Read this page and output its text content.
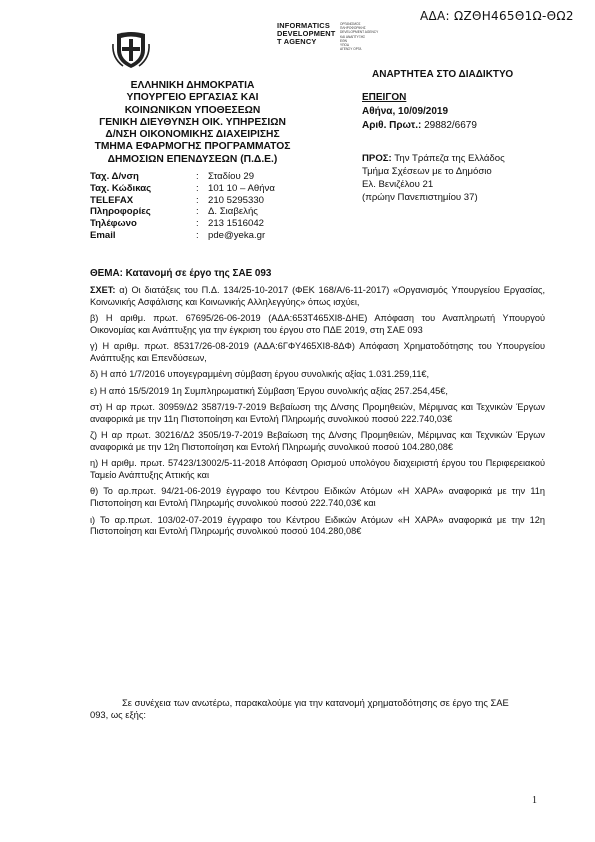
ΑΔΑ: ΩΖΘΗ465Θ1Ω-ΘΩ2
INFORMATICS
DEVELOPMENT
T AGENCY
ΟΡΓΑΝΙΣΜΟΣ
ΠΛΗΡΟΦΟΡΙΚΗΣ
DEVELOPMENT AGENCY
ΚΑΙ ΑΝΑΠΤΥΞΗΣ
ΕΘΝ
ΥΠΟΔ
ΑΓΕΝΣΥ ΟΡΓΑ
ΕΛΛΗΝΙΚΗ ΔΗΜΟΚΡΑΤΙΑ
ΥΠΟΥΡΓΕΙΟ ΕΡΓΑΣΙΑΣ ΚΑΙ
ΚΟΙΝΩΝΙΚΩΝ ΥΠΟΘΕΣΕΩΝ
ΓΕΝΙΚΗ ΔΙΕΥΘΥΝΣΗ ΟΙΚ. ΥΠΗΡΕΣΙΩΝ
Δ/ΝΣΗ ΟΙΚΟΝΟΜΙΚΗΣ ΔΙΑΧΕΙΡΙΣΗΣ
ΤΜΗΜΑ ΕΦΑΡΜΟΓΗΣ ΠΡΟΓΡΑΜΜΑΤΟΣ
ΔΗΜΟΣΙΩΝ ΕΠΕΝΔΥΣΕΩΝ (Π.Δ.Ε.)
ΑΝΑΡΤΗΤΕΑ ΣΤΟ ΔΙΑΔΙΚΤΥΟ
ΕΠΕΙΓΟΝ
Αθήνα, 10/09/2019
Αριθ. Πρωτ.: 29882/6679
ΠΡΟΣ: Την Τράπεζα της Ελλάδος
Τμήμα Σχέσεων με το Δημόσιο
Ελ. Βενιζέλου 21
(πρώην Πανεπιστημίου 37)
Ταχ. Δ/νση	: Σταδίου 29
Ταχ. Κώδικας	: 101 10 – Αθήνα
TELEFAX	: 210 5295330
Πληροφορίες	: Δ. Σιαβελής
Τηλέφωνο	: 213 1516042
Email	: pde@yeka.gr
ΘΕΜΑ: Κατανομή σε έργο της ΣΑΕ 093

ΣΧΕΤ: α) Οι διατάξεις του Π.Δ. 134/25-10-2017 (ΦΕΚ 168/Α/6-11-2017) «Οργανισμός Υπουργείου Εργασίας, Κοινωνικής Ασφάλισης και Κοινωνικής Αλληλεγγύης» όπως ισχύει,

β) Η αριθμ. πρωτ. 67695/26-06-2019 (ΑΔΑ:653Τ465ΧΙ8-ΔΗΕ) Απόφαση του Αναπληρωτή Υπουργού Οικονομίας και Ανάπτυξης για την έγκριση του έργου στο ΠΔΕ 2019, στη ΣΑΕ 093

γ) Η αριθμ. πρωτ. 85317/26-08-2019 (ΑΔΑ:6ΓΦΥ465ΧΙ8-8ΔΦ) Απόφαση Χρηματοδότησης του Υπουργείου Ανάπτυξης και Επενδύσεων,

δ) Η από 1/7/2016 υπογεγραμμένη σύμβαση έργου συνολικής αξίας 1.031.259,11€,

ε) Η από 15/5/2019 1η Συμπληρωματική Σύμβαση Έργου συνολικής αξίας 257.254,45€,

στ) Η αρ πρωτ. 30959/Δ2 3587/19-7-2019 Βεβαίωση της Δ/νσης Προμηθειών, Μέριμνας και Τεχνικών Έργων αναφορικά με την 11η Πιστοποίηση και Εντολή Πληρωμής συνολικού ποσού 222.740,03€

ζ) Η αρ πρωτ. 30216/Δ2 3505/19-7-2019 Βεβαίωση της Δ/νσης Προμηθειών, Μέριμνας και Τεχνικών Έργων αναφορικά με την 12η Πιστοποίηση και Εντολή Πληρωμής συνολικού ποσού 104.280,08€

η) Η αριθμ. πρωτ. 57423/13002/5-11-2018 Απόφαση Ορισμού υπολόγου διαχειριστή έργου του Περιφερειακού Ταμείο Ανάπτυξης Αττικής και

θ) Το αρ.πρωτ. 94/21-06-2019 έγγραφο του Κέντρου Ειδικών Ατόμων «Η ΧΑΡΑ» αναφορικά με την 11η Πιστοποίηση και Εντολή Πληρωμής συνολικού ποσού 222.740,03€ και

ι) Το αρ.πρωτ. 103/02-07-2019 έγγραφο του Κέντρου Ειδικών Ατόμων «Η ΧΑΡΑ» αναφορικά με την 12η Πιστοποίηση και Εντολή Πληρωμής συνολικού ποσού 104.280,08€

Σε συνέχεια των ανωτέρω, παρακαλούμε για την κατανομή χρηματοδότησης σε έργο της ΣΑΕ 093, ως εξής:
1
